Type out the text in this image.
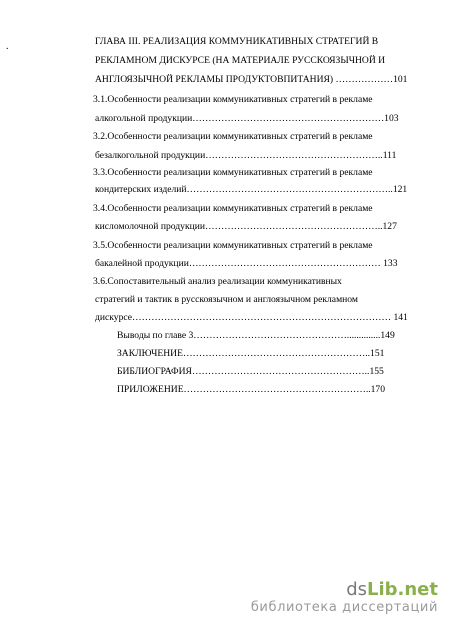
.	ГЛАВА III. РЕАЛИЗАЦИЯ КОММУНИКАТИВНЫХ СТРАТЕГИЙ В
РЕКЛАМНОМ ДИСКУРСЕ (НА МАТЕРИАЛЕ РУССКОЯЗЫЧНОЙ И
АНГЛОЯЗЫЧНОЙ РЕКЛАМЫ ПРОДУКТОВПИТАНИЯ) ………………101
3.1.Особенности реализации коммуникативных стратегий в рекламе
алкогольной продукции……………………………………………………103
3.2.Особенности реализации коммуникативных стратегий в рекламе
безалкогольной продукции………………………………………………..111
3.3.Особенности реализации коммуникативных стратегий в рекламе
кондитерских изделий………………………………………………………..121
3.4.Особенности реализации коммуникативных стратегий в рекламе
кисломолочной продукции………………………………………………..127
3.5.Особенности реализации коммуникативных стратегий в рекламе
бакалейной продукции…………………………………………………… 133
3.6.Сопоставительный анализ реализации коммуникативных
стратегий и тактик в русскоязычном и англоязычном рекламном
дискурсе……………………………………………………………………… 141
Выводы по главе 3…………………………………………..............149
ЗАКЛЮЧЕНИЕ…………………………………………………..151
БИБЛИОГРАФИЯ………………………………………………..155
ПРИЛОЖЕНИЕ…………………………………………………..170
dsLib.net
библиотека диссертаций
